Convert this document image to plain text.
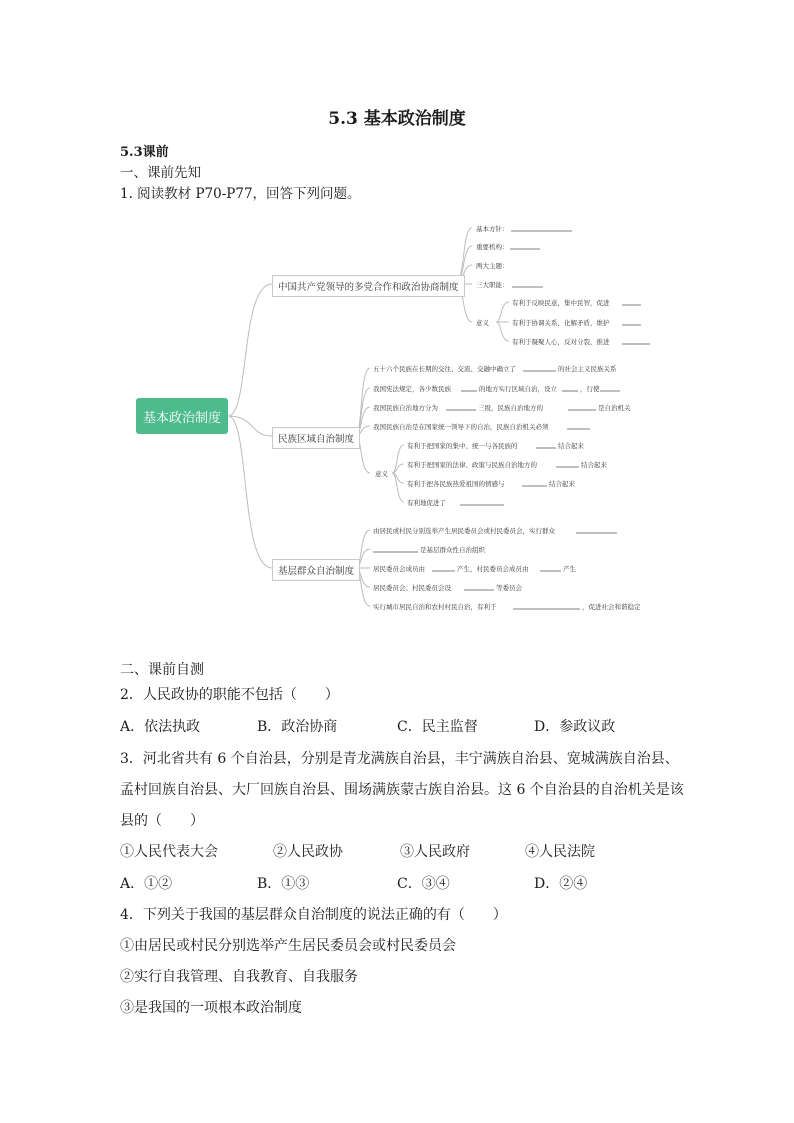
5.3 基本政治制度
5.3课前
一、课前先知
1. 阅读教材 P70-P77，回答下列问题。
基本政治制度
中国共产党领导的多党合作和政治协商制度
基本方针：
重要机构：
两大主题：
三大职能：
意义
有利于反映民意，集中民智，促进
有利于协调关系，化解矛盾，维护
有利于凝聚人心，反对分裂，推进
民族区域自治制度
五十六个民族在长期的交往、交流、交融中确立了	的社会主义民族关系
我国宪法规定，各少数民族	的地方实行区域自治，设立	，行使
我国民族自治地方分为	三级，民族自治地方的	是自治机关
我国民族自治是在国家统一领导下的自治，民族自治机关必须
意义
有利于把国家的集中、统一与各民族的	结合起来
有利于把国家的法律、政策与民族自治地方的	结合起来
有利于把各民族热爱祖国的情感与	结合起来
有利地促进了
基层群众自治制度
由居民或村民分别选举产生居民委员会或村民委员会，实行群众
是基层群众性自治组织
居民委员会成员由	产生，村民委员会成员由	产生
居民委员会、村民委员会设	等委员会
实行城市居民自治和农村村民自治，有利于	，促进社会和谐稳定
二、课前自测
2．人民政协的职能不包括（　　）
A．依法执政	B．政治协商	C．民主监督	D．参政议政
3．河北省共有 6 个自治县，分别是青龙满族自治县，丰宁满族自治县、宽城满族自治县、
孟村回族自治县、大厂回族自治县、围场满族蒙古族自治县。这 6 个自治县的自治机关是该
县的（　　）
①人民代表大会	②人民政协	③人民政府	④人民法院
A．①②	B．①③	C．③④	D．②④
4．下列关于我国的基层群众自治制度的说法正确的有（　　）
①由居民或村民分别选举产生居民委员会或村民委员会
②实行自我管理、自我教育、自我服务
③是我国的一项根本政治制度
